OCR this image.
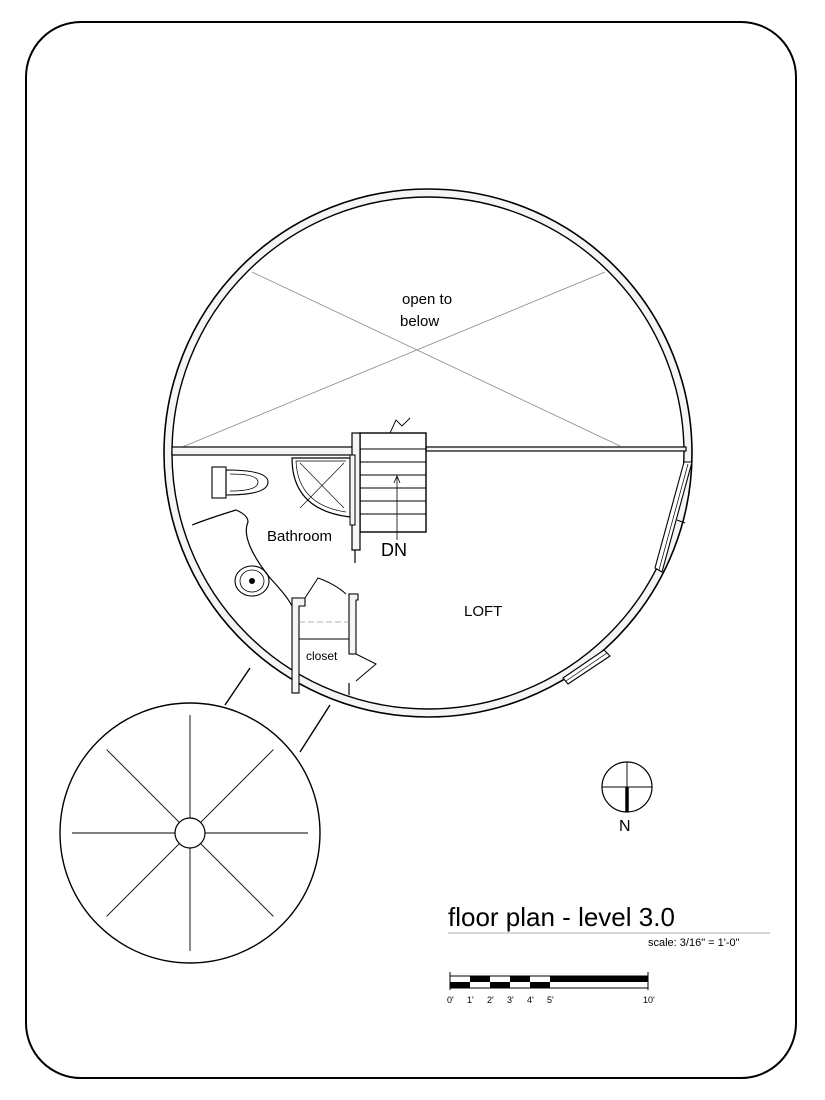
open to
below
Bathroom
DN
LOFT
closet
N
floor plan - level 3.0
scale: 3/16" = 1'-0"
0' 1' 2' 3' 4' 5'	10'
